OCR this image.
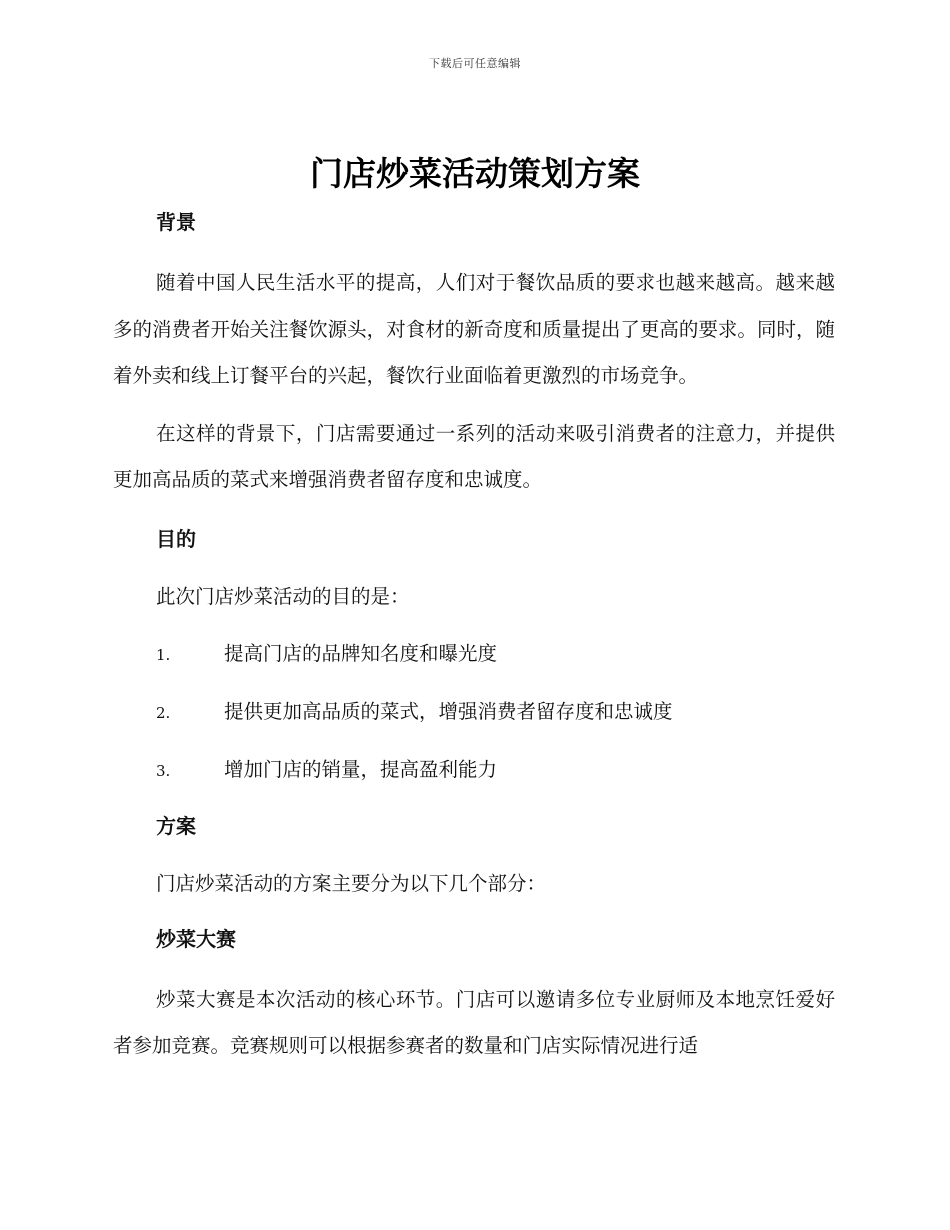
下载后可任意编辑
门店炒菜活动策划方案
背景

随着中国人民生活水平的提高，人们对于餐饮品质的要求也越来越高。越来越多的消费者开始关注餐饮源头，对食材的新奇度和质量提出了更高的要求。同时，随着外卖和线上订餐平台的兴起，餐饮行业面临着更激烈的市场竞争。

在这样的背景下，门店需要通过一系列的活动来吸引消费者的注意力，并提供更加高品质的菜式来增强消费者留存度和忠诚度。

目的

此次门店炒菜活动的目的是：

1.	提高门店的品牌知名度和曝光度
2.	提供更加高品质的菜式，增强消费者留存度和忠诚度
3.	增加门店的销量，提高盈利能力
方案

门店炒菜活动的方案主要分为以下几个部分：

炒菜大赛

炒菜大赛是本次活动的核心环节。门店可以邀请多位专业厨师及本地烹饪爱好者参加竞赛。竞赛规则可以根据参赛者的数量和门店实际情况进行适
